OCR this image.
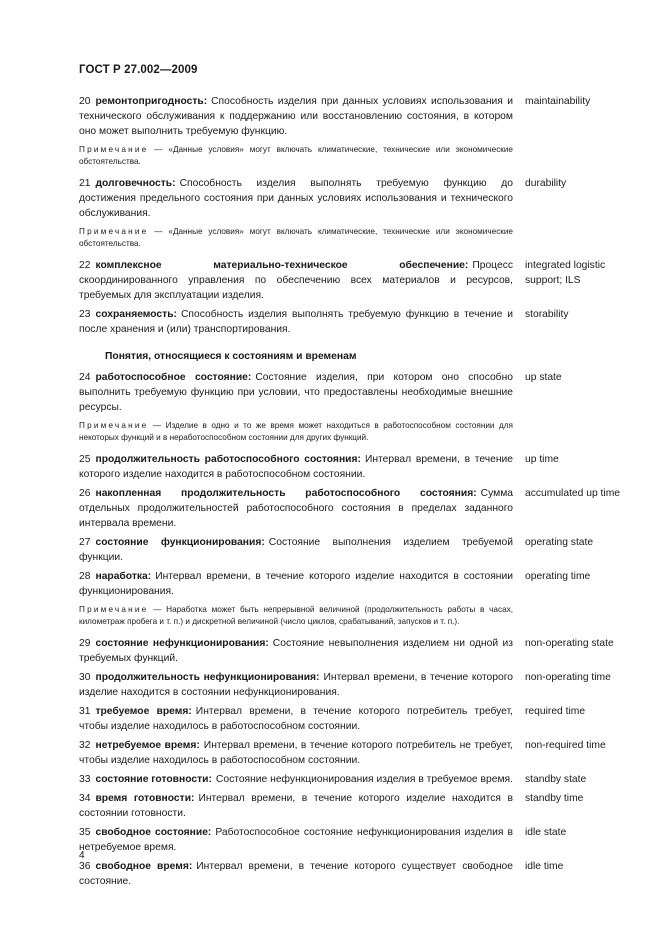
ГОСТ Р 27.002—2009
20 ремонтопригодность: Способность изделия при данных условиях использования и технического обслуживания к поддержанию или восстановлению состояния, в котором оно может выполнить требуемую функцию.
maintainability
Примечание — «Данные условия» могут включать климатические, технические или экономические обстоятельства.
21 долговечность: Способность изделия выполнять требуемую функцию до достижения предельного состояния при данных условиях использования и технического обслуживания.
durability
Примечание — «Данные условия» могут включать климатические, технические или экономические обстоятельства.
22 комплексное материально-техническое обеспечение: Процесс скоординированного управления по обеспечению всех материалов и ресурсов, требуемых для эксплуатации изделия.
integrated logistic support; ILS
23 сохраняемость: Способность изделия выполнять требуемую функцию в течение и после хранения и (или) транспортирования.
storability
Понятия, относящиеся к состояниям и временам
24 работоспособное состояние: Состояние изделия, при котором оно способно выполнить требуемую функцию при условии, что предоставлены необходимые внешние ресурсы.
up state
Примечание — Изделие в одно и то же время может находиться в работоспособном состоянии для некоторых функций и в неработоспособном состоянии для других функций.
25 продолжительность работоспособного состояния: Интервал времени, в течение которого изделие находится в работоспособном состоянии.
up time
26 накопленная продолжительность работоспособного состояния: Сумма отдельных продолжительностей работоспособного состояния в пределах заданного интервала времени.
accumulated up time
27 состояние функционирования: Состояние выполнения изделием требуемой функции.
operating state
28 наработка: Интервал времени, в течение которого изделие находится в состоянии функционирования.
operating time
Примечание — Наработка может быть непрерывной величиной (продолжительность работы в часах, километраж пробега и т. п.) и дискретной величиной (число циклов, срабатываний, запусков и т. п.).
29 состояние нефункционирования: Состояние невыполнения изделием ни одной из требуемых функций.
non-operating state
30 продолжительность нефункционирования: Интервал времени, в течение которого изделие находится в состоянии нефункционирования.
non-operating time
31 требуемое время: Интервал времени, в течение которого потребитель требует, чтобы изделие находилось в работоспособном состоянии.
required time
32 нетребуемое время: Интервал времени, в течение которого потребитель не требует, чтобы изделие находилось в работоспособном состоянии.
non-required time
33 состояние готовности: Состояние нефункционирования изделия в требуемое время. standby state
34 время готовности: Интервал времени, в течение которого изделие находится в состоянии готовности.
standby time
35 свободное состояние: Работоспособное состояние нефункционирования изделия в нетребуемое время.
idle state
36 свободное время: Интервал времени, в течение которого существует свободное состояние.
idle time
4
